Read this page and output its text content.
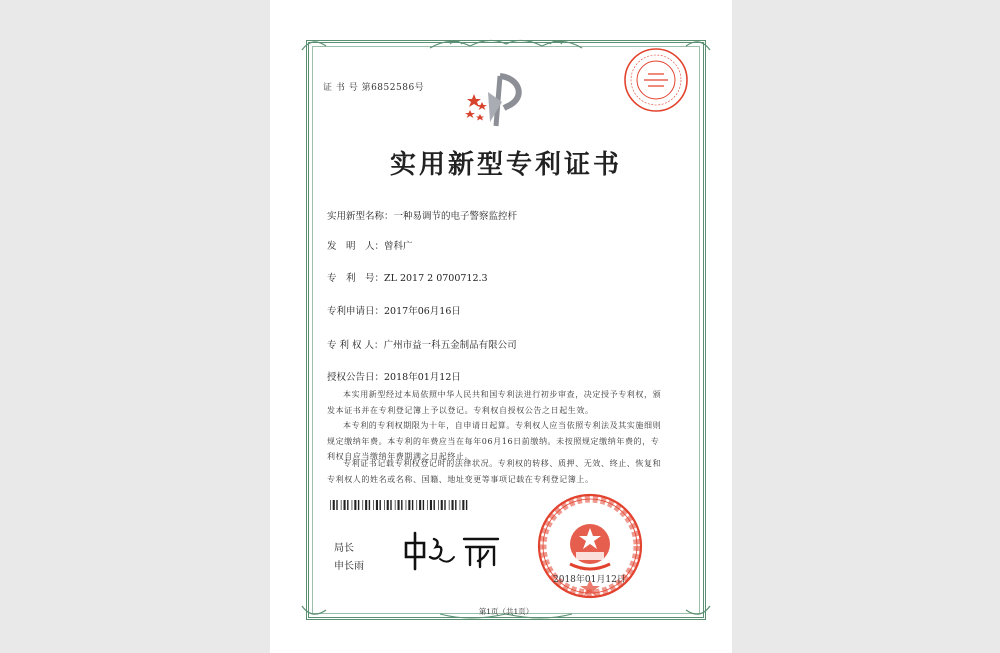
证 书 号 第6852586号
实用新型专利证书
实用新型名称：一种易调节的电子警察监控杆
发　明　人：曾科广
专　利　号：ZL 2017 2 0700712.3
专利申请日：2017年06月16日
专 利 权 人：广州市益一科五金制品有限公司
授权公告日：2018年01月12日
本实用新型经过本局依照中华人民共和国专利法进行初步审查，决定授予专利权，颁发本证书并在专利登记簿上予以登记。专利权自授权公告之日起生效。
本专利的专利权期限为十年，自申请日起算。专利权人应当依照专利法及其实施细则规定缴纳年费。本专利的年费应当在每年06月16日前缴纳。未按照规定缴纳年费的，专利权自应当缴纳年费期满之日起终止。
专利证书记载专利权登记时的法律状况。专利权的转移、质押、无效、终止、恢复和专利权人的姓名或名称、国籍、地址变更等事项记载在专利登记簿上。
局长
申长雨
2018年01月12日
第1页（共1页）
